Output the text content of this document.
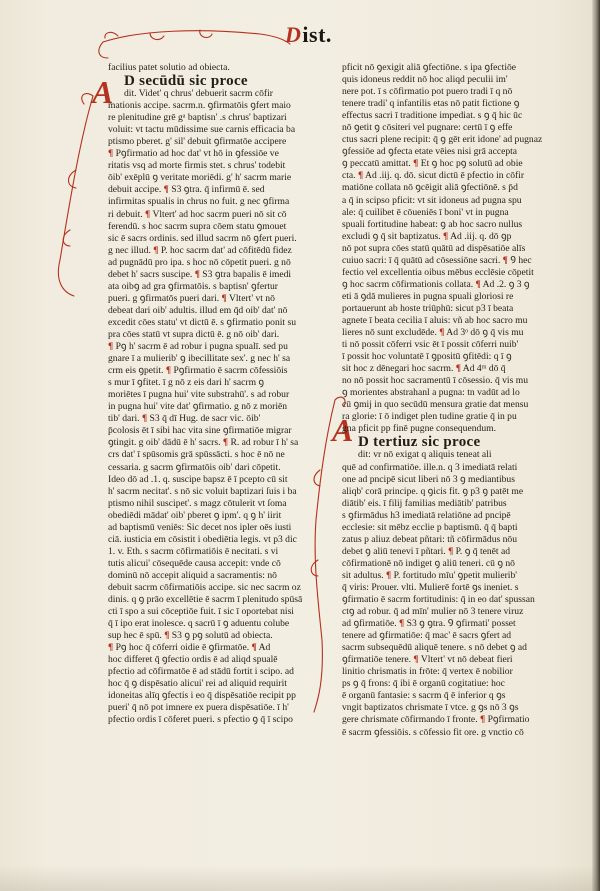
Dist.
A
A
facilius patet solutio ad obiecta.
D secūdū sic proce
dit. Videt' q chrus' debuerit sacrm cōfir
mationis accipe. sacrm.n. ꝯfirmatōis ꝯfert maio
re plenitudine grē gᵃ baptisn' .s chrus' baptizari
voluit: vt tactu mūdissime sue carnis efficacia ba
ptismo pberet. g' sil' debuit ꝯfirmatōe accipere
¶ Pꝯfirmatio ad hoc dat' vt hō in ꝯfessiōe ve
ritatis vsq ad morte firmis stet. s chrus' todebit
ōib' exēplū ꝯ veritate moriēdi. g' h' sacrm marie
debuit accipe. ¶ S3 ꝯtra. q̄ infirmū ē. sed
infirmitas spualis in chrus no fuit. g nec ꝯfirma
ri debuit. ¶ Vltert' ad hoc sacrm pueri nō sit cō
ferendū. s hoc sacrm supra cōem statu ꝯmouet
sic ē sacrs ordinis. sed illud sacrm nō ꝯfert pueri.
g nec illud. ¶ P. hoc sacrm dat' ad cōfitēdū fidez
ad pugnādū pro ipa. s hoc nō cōpetit pueri. g nō
debet h' sacrs suscipe. ¶ S3 ꝯtra bapalis ē imedi
ata oibꝯ ad gra ꝯfirmatōis. s baptisn' ꝯfertur
pueri. g ꝯfirmatōs pueri dari. ¶ Vltert' vt nō
debeat dari oib' adultis. illud em q̄d oib' dat' nō
excedit cōes statu' vt dictū ē. s ꝯfirmatio ponit su
pra cōes statū vt supra dictū ē. g nō oib' dari.
¶ Pꝯ h' sacrm ē ad robur i pugna spualī. sed pu
gnare ī a mulierib' ꝯ ibecillitate sex'. g nec h' sa
crm eis ꝯpetit. ¶ Pꝯfirmatio ē sacrm cōfessiōis
s mur ī ꝯfitet. ī g nō z eis dari h' sacrm ꝯ
moriētes ī pugna hui' vite substrahū'. s ad robur
in pugna hui' vite dat' ꝯfirmatio. g nō z moriēn
tib' dari. ¶ S3 q̄ dī Hug. de sacr vic. ōib'
p̄colosis ēt ī sibi hac vita sine ꝯfirmatiōe migrar
ꝯtingit. g oib' dādū ē h' sacrs. ¶ R. ad robur ī h' sa
crs dat' ī spūsomis grā spūssācti. s hoc ē nō ne
cessaria. g sacrm ꝯfirmatōis oib' dari cōpetit.
Ideo dō ad .1. q. suscipe bapsz ē ī pcepto cū sit
h' sacrm necitat'. s nō sic voluit baptizari ſuis i ba
ptismo nihil suscipet'. s magz cōtulerit vt ſoma
obediēdi mādat' oib' pberet ꝯ ipm'. q ꝯ h' iirit
ad baptismū veniēs: Sic decet nos ipler oēs iusti
ciā. iusticia em cōsistit i obediētia legis. vt p3 dic
1. v. Eth. s sacrm cōfirmatiōis ē necitati. s vi
tutis alicui' cōsequēde causa accepit: vnde cō
dominū nō accepit aliquid a sacramentis: nō
debuit sacrm cōfirmatiōis accipe. sic nec sacrm oz
dinis. q ꝯ prāo excellētie ē sacrm ī plenitudo spūsā
cti ī spo a sui cōceptiōe fuit. ī sic ī oportebat nisi
q̄ ī ipo erat inolesce. q sacrū ī ꝯ aduentu colube
sup hec ē spū. ¶ S3 ꝯ pꝯ solutū ad obiecta.
¶ Pꝯ hoc q̄ cōferri oidie ē ꝯfirmatōe. ¶ Ad
hoc differet q̄ ꝯfectio ordis ē ad aliqd spualē
pfectio ad cōfirmatōe ē ad stādū fortit i scipo. ad
hoc q̄ ꝯ dispēsatio alicui' rei ad aliquid requirit
idoneitas alīq ꝯfectis i eo q̄ dispēsatiōe recipit pp
pueri' q̄ nō pot imnere ex puera dispēsatiōe. ī h'
pfectio ordis ī cōferet pueri. s pfectio ꝯ q̄ ī scipo
pficit nō ꝯexigit aliā ꝯfectiōne. s ipa ꝯfectiōe
quis idoneus reddit nō hoc aliqd peculii im'
nere pot. ī s cōfirmatio pot puero tradi ī q nō
tenere tradi' q infantilis etas nō patit fictione ꝯ
effectus sacri ī traditione impediat. s ꝯ q̄ hic ūc
nō ꝯetit ꝯ cōsiteri vel pugnare: certū ī ꝯ effe
ctus sacri plene recipit: q̄ ꝯ gēt erit idone' ad pugnaz
ꝯfessiōe ad ꝯfecta etate vēies nisi grā accepta
ꝯ peccatū amittat. ¶ Et ꝯ hoc pꝯ solutū ad obie
cta. ¶ Ad .iij. q. dō. sicut dictū ē pfectio in cōfir
matiōne collata nō ꝯcēigit aliā ꝯfectiōnē. s p̄d
a q̄ in scipso pficit: vt sit idoneus ad pugna spu
ale: q̄ cuilibet ē cōueniēs ī boni' vt in pugna
spuali fortitudine habeat: ꝯ ab hoc sacro nullus
excludi ꝯ q̄ sit baptizatus. ¶ Ad .iij. q. dō ꝯp
nō pot supra cōes statū quātū ad dispēsatiōe alīs
cuiuo sacri: ī q̄ quātū ad cōsessiōne sacri. ¶ Ꝯ hec
fectio vel excellentia oibus mēbus ecclēsie cōpetit
ꝯ hoc sacrm cōfirmationis collata. ¶ Ad .2. ꝯ 3 ꝯ
eti ā ꝯdā mulieres in pugna spuali gloriosi re
portauerunt ab hoste triūphū: sicut p3 ī beata
agnete ī beata cecilia ī aluis: vñ ab hoc sacro mu
lieres nō sunt excludēde. ¶ Ad 3ᵒ dō ꝯ q̄ vis mu
ti nō possit cōferri vsic ēt ī possit cōferri nuib'
ī possit hoc voluntatē ī ꝯpositū ꝯfitēdi: q ī ꝯ
sit hoc z dēnegari hoc sacrm. ¶ Ad 4ᵐ dō q̄
no nō possit hoc sacramentū ī cōsessio. q̄ vis mu
ꝯ morientes abstrahanl a pugna: tn vadūt ad lo
cū ꝯmij in quo secūdū mensura gratie dat mensu
ra glorie: ī ō indiget plen tudine gratie q̄ in pu
gna pficit pp finē pugne consequendum.
D tertiuz sic proce
dit: vr nō exigat q aliquis teneat ali
quē ad confirmatiōe. ille.n. q 3 imediatā relati
one ad pncipē sicut liberi nō 3 ꝯ mediantibus
aliqb' corā principe. q ꝯicis fit. ꝯ p3 ꝯ patēt me
diātib' eis. ī filij familias mediātib' patribus
s ꝯfirmādus h3 imediatā relatiōne ad pncipē
ecclesie: sit mēbz ecclie p baptismū. q̄ q̄ bapti
zatus p aliuz debeat pñtari: tñ cōfirmādus nōu
debet ꝯ aliū tenevi ī pñtari. ¶ P. ꝯ q̄ tenēt ad
cōfirmationē nō indiget ꝯ aliū teneri. cū ꝯ nō
sit adultus. ¶ P. fortitudo mīu' ꝯpetit mulierib'
q̄ viris: Prouer. vlti. Mulierē fortē ꝯs ineniet. s
ꝯfirmatio ē sacrm fortitudinis: q̄ in eo dat' spussan
ctꝯ ad robur. q̄ ad mīn' mulier nō 3 tenere viruz
ad ꝯfirmatiōe. ¶ S3 ꝯ ꝯtra. Ꝯ ꝯfirmati' posset
tenere ad ꝯfirmatiōe: q̄ mac' ē sacrs ꝯfert ad
sacrm subsequēdū aliquē tenere. s nō debet ꝯ ad
ꝯfirmatiōe tenere. ¶ Vltert' vt nō debeat fieri
linitio chrismatis in frōte: q̄ vertex ē nobilior
ps ꝯ q̄ frons: q̄ ibi ē organū cogitatiue: hoc
ē organū fantasie: s sacrm q̄ ē inferior q ꝯs
vngit baptizatos chrismate ī vtce. g ꝯs nō 3 ꝯs
gere chrismate cōfirmando ī fronte. ¶ Pꝯfirmatio
ē sacrm ꝯfessiōis. s cōfessio fit ore. g vnctio cō
